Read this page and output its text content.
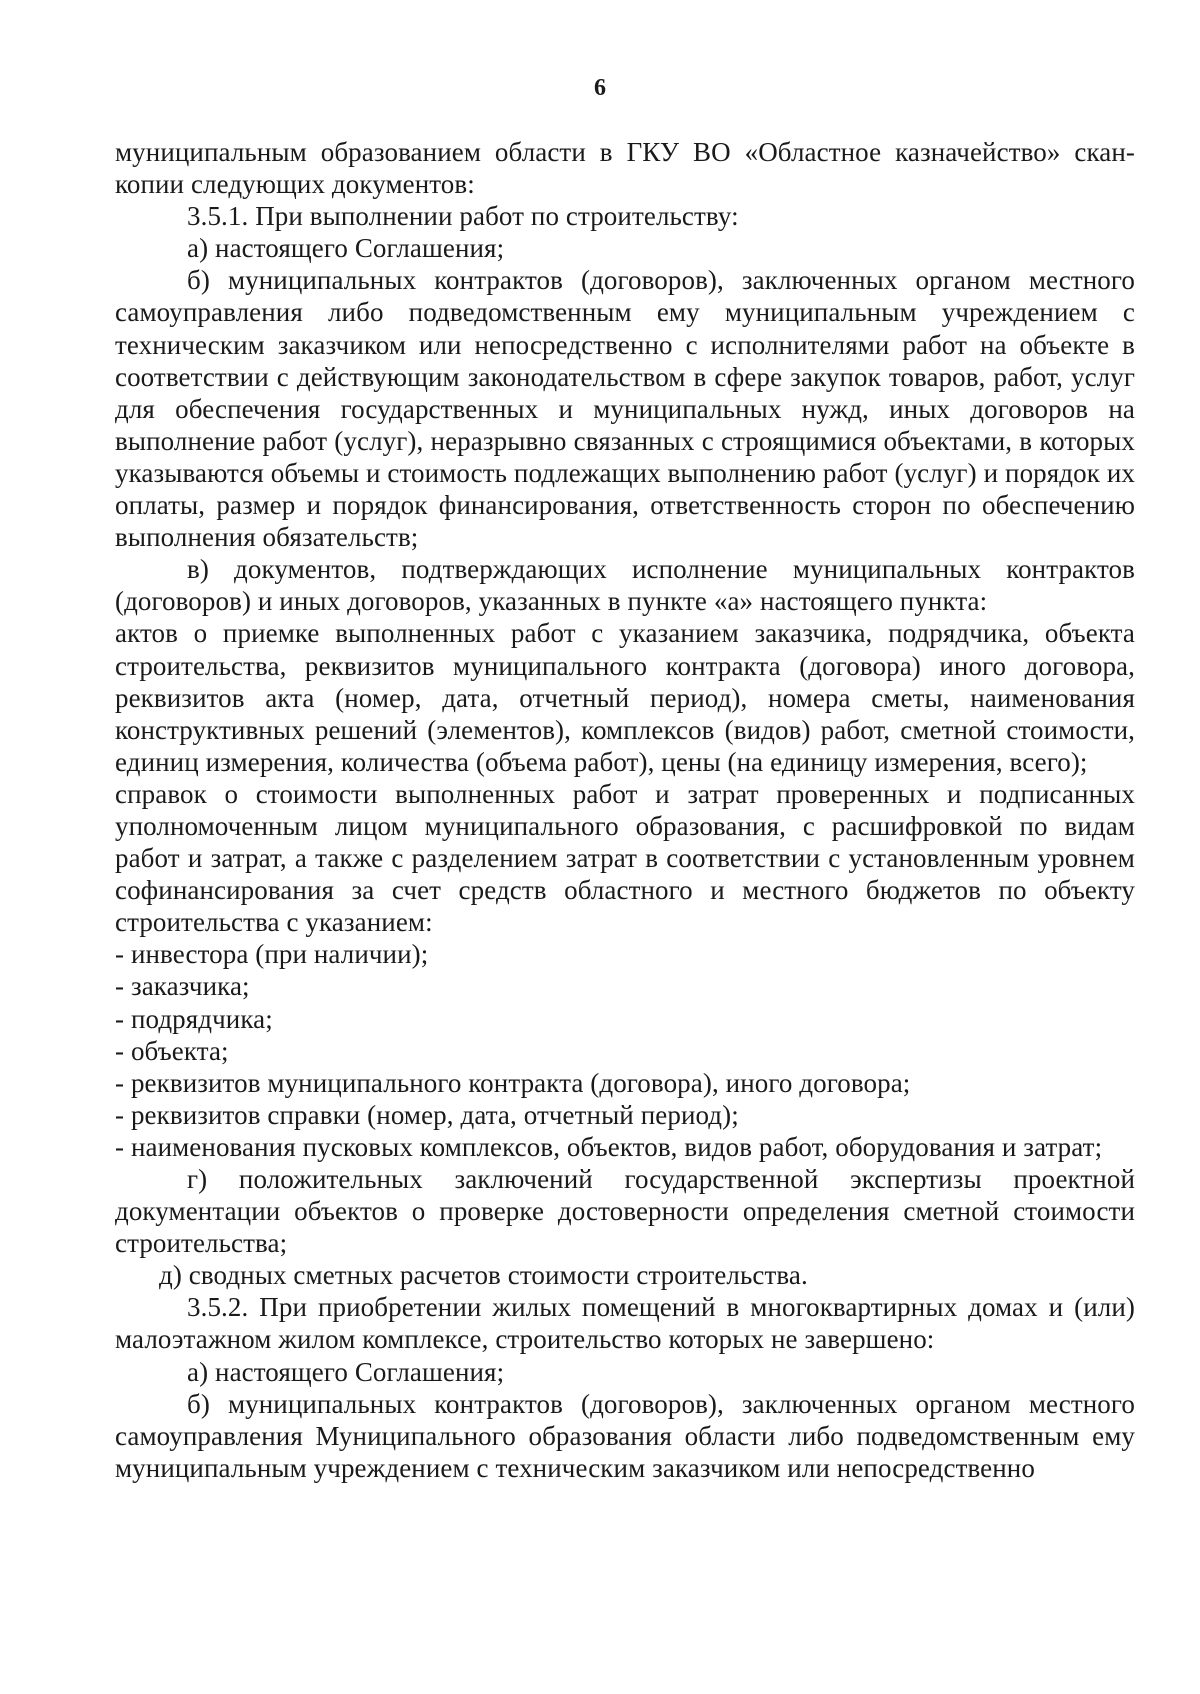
6

муниципальным образованием области в ГКУ ВО «Областное казначейство» скан-копии следующих документов:

3.5.1. При выполнении работ по строительству:

а) настоящего Соглашения;

б) муниципальных контрактов (договоров), заключенных органом местного самоуправления либо подведомственным ему муниципальным учреждением с техническим заказчиком или непосредственно с исполнителями работ на объекте в соответствии с действующим законодательством в сфере закупок товаров, работ, услуг для обеспечения государственных и муниципальных нужд, иных договоров на выполнение работ (услуг), неразрывно связанных с строящимися объектами, в которых указываются объемы и стоимость подлежащих выполнению работ (услуг) и порядок их оплаты, размер и порядок финансирования, ответственность сторон по обеспечению выполнения обязательств;

в) документов, подтверждающих исполнение муниципальных контрактов (договоров) и иных договоров, указанных в пункте «а» настоящего пункта:

актов о приемке выполненных работ с указанием заказчика, подрядчика, объекта строительства, реквизитов муниципального контракта (договора) иного договора, реквизитов акта (номер, дата, отчетный период), номера сметы, наименования конструктивных решений (элементов), комплексов (видов) работ, сметной стоимости, единиц измерения, количества (объема работ), цены (на единицу измерения, всего);

справок о стоимости выполненных работ и затрат проверенных и подписанных уполномоченным лицом муниципального образования, с расшифровкой по видам работ и затрат, а также с разделением затрат в соответствии с установленным уровнем софинансирования за счет средств областного и местного бюджетов по объекту строительства с указанием:

- инвестора (при наличии);

- заказчика;

- подрядчика;

- объекта;

- реквизитов муниципального контракта (договора), иного договора;

- реквизитов справки (номер, дата, отчетный период);

- наименования пусковых комплексов, объектов, видов работ, оборудования и затрат;

г) положительных заключений государственной экспертизы проектной документации объектов о проверке достоверности определения сметной стоимости строительства;

д) сводных сметных расчетов стоимости строительства.

3.5.2. При приобретении жилых помещений в многоквартирных домах и (или) малоэтажном жилом комплексе, строительство которых не завершено:

а) настоящего Соглашения;

б) муниципальных контрактов (договоров), заключенных органом местного самоуправления Муниципального образования области либо подведомственным ему муниципальным учреждением с техническим заказчиком или непосредственно
